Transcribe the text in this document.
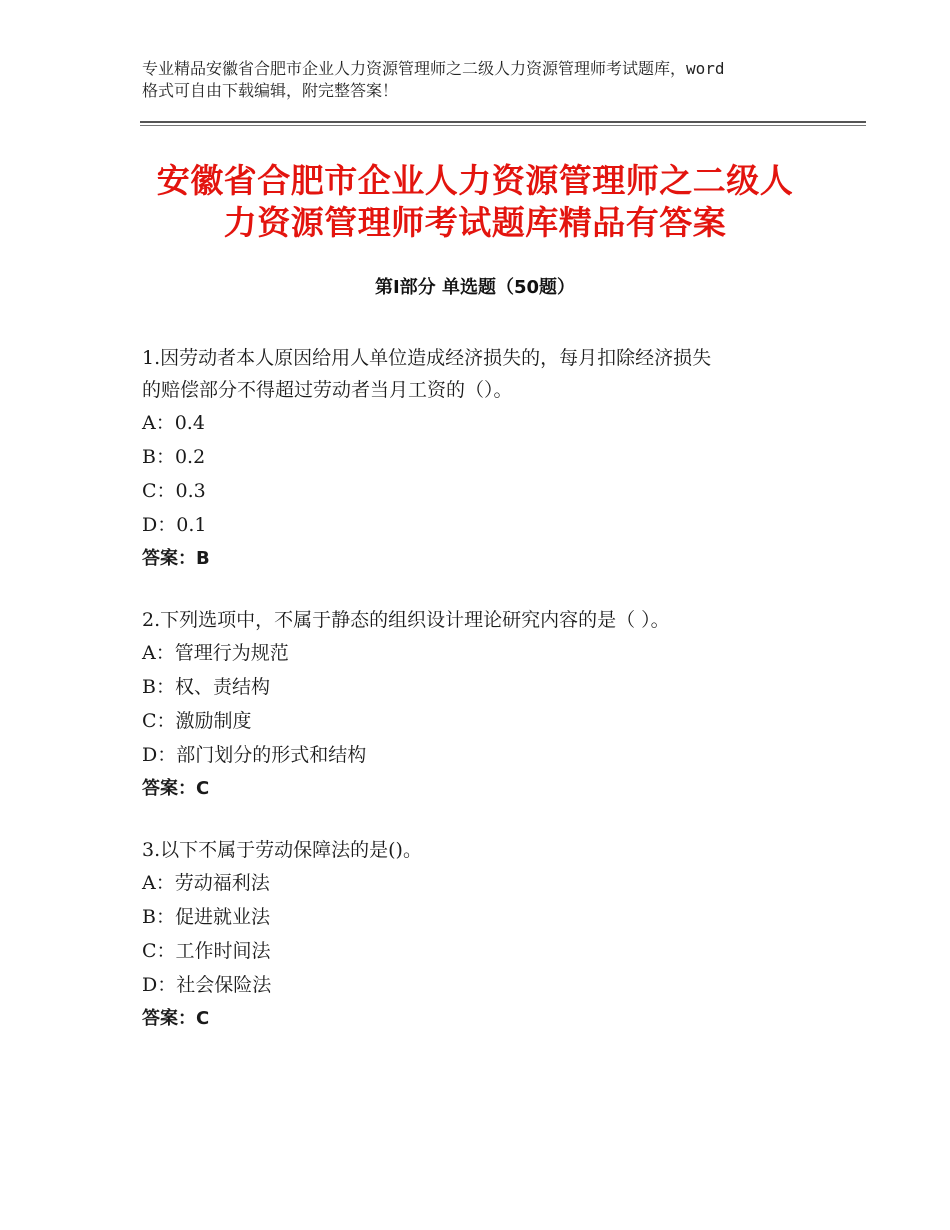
专业精品安徽省合肥市企业人力资源管理师之二级人力资源管理师考试题库，word
格式可自由下载编辑，附完整答案！
安徽省合肥市企业人力资源管理师之二级人
力资源管理师考试题库精品有答案
第Ⅰ部分 单选题（50题）

1.因劳动者本人原因给用人单位造成经济损失的，每月扣除经济损失

的赔偿部分不得超过劳动者当月工资的（）。

A：0.4

B：0.2

C：0.3

D：0.1

答案：B

2.下列选项中，不属于静态的组织设计理论研究内容的是（ ）。

A：管理行为规范

B：权、责结构

C：激励制度

D：部门划分的形式和结构

答案：C

3.以下不属于劳动保障法的是()。

A：劳动福利法

B：促进就业法

C：工作时间法

D：社会保险法

答案：C
